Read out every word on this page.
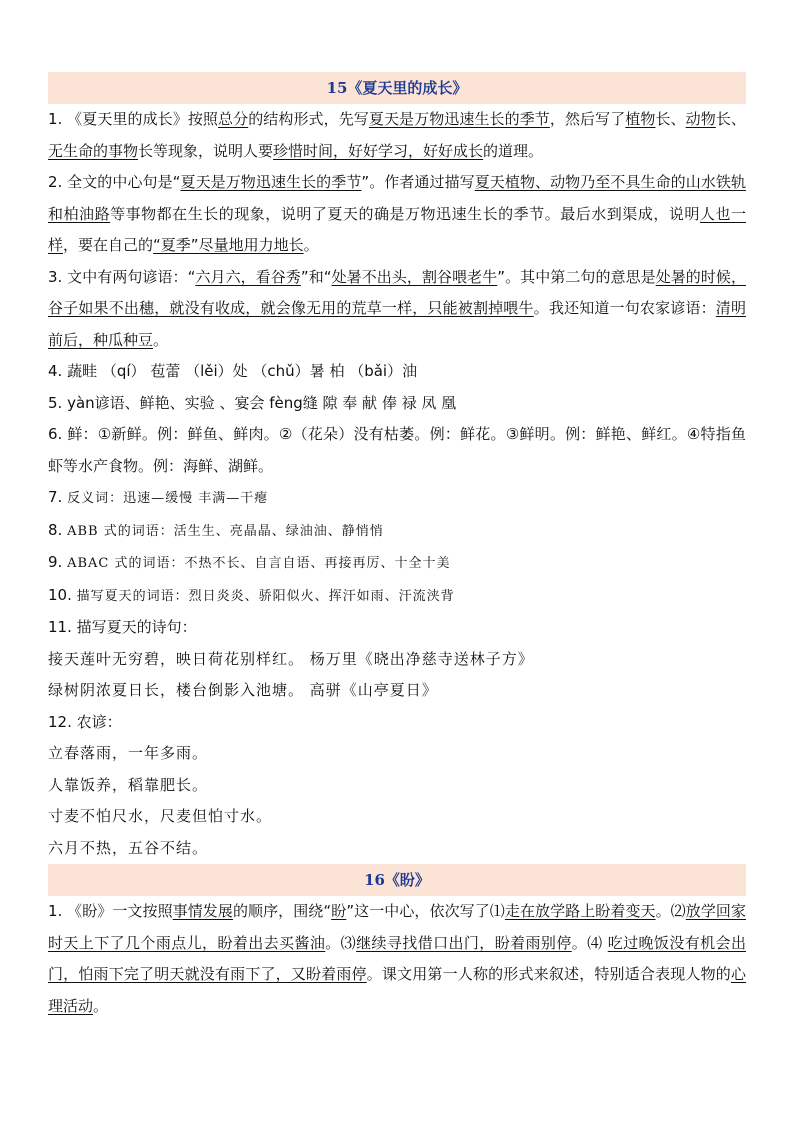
15《夏天里的成长》

1. 《夏天里的成长》按照总分的结构形式，先写夏天是万物迅速生长的季节，然后写了植物长、动物长、无生命的事物长等现象，说明人要珍惜时间，好好学习，好好成长的道理。

2. 全文的中心句是“夏天是万物迅速生长的季节”。作者通过描写夏天植物、动物乃至不具生命的山水铁轨和柏油路等事物都在生长的现象，说明了夏天的确是万物迅速生长的季节。最后水到渠成，说明人也一样，要在自己的“夏季”尽量地用力地长。

3. 文中有两句谚语：“六月六，看谷秀”和“处暑不出头，割谷喂老牛”。其中第二句的意思是处暑的时候，谷子如果不出穗，就没有收成，就会像无用的荒草一样，只能被割掉喂牛。我还知道一句农家谚语：清明前后，种瓜种豆。

4. 蔬畦 （qí） 苞蕾 （lěi）处 （chǔ）暑 柏 （bǎi）油

5. yàn谚语、鲜艳、实验 、宴会 fèng缝 隙 奉 献 俸 禄 凤 凰

6. 鲜：①新鲜。例：鲜鱼、鲜肉。②（花朵）没有枯萎。例：鲜花。③鲜明。例：鲜艳、鲜红。④特指鱼虾等水产食物。例：海鲜、湖鲜。

7. 反义词：迅速—缓慢 丰满—干瘪

8. ABB 式的词语：活生生、亮晶晶、绿油油、静悄悄

9. ABAC 式的词语：不热不长、自言自语、再接再厉、十全十美

10. 描写夏天的词语：烈日炎炎、骄阳似火、挥汗如雨、汗流浃背

11. 描写夏天的诗句：

接天莲叶无穷碧，映日荷花别样红。 杨万里《晓出净慈寺送林子方》

绿树阴浓夏日长，楼台倒影入池塘。 高骈《山亭夏日》

12. 农谚：

立春落雨，一年多雨。

人靠饭养，稻靠肥长。

寸麦不怕尺水，尺麦但怕寸水。

六月不热，五谷不结。

16《盼》

1. 《盼》一文按照事情发展的顺序，围绕“盼”这一中心，依次写了⑴走在放学路上盼着变天。⑵放学回家时天上下了几个雨点儿，盼着出去买酱油。⑶继续寻找借口出门，盼着雨别停。⑷ 吃过晚饭没有机会出门，怕雨下完了明天就没有雨下了，又盼着雨停。课文用第一人称的形式来叙述，特别适合表现人物的心理活动。
